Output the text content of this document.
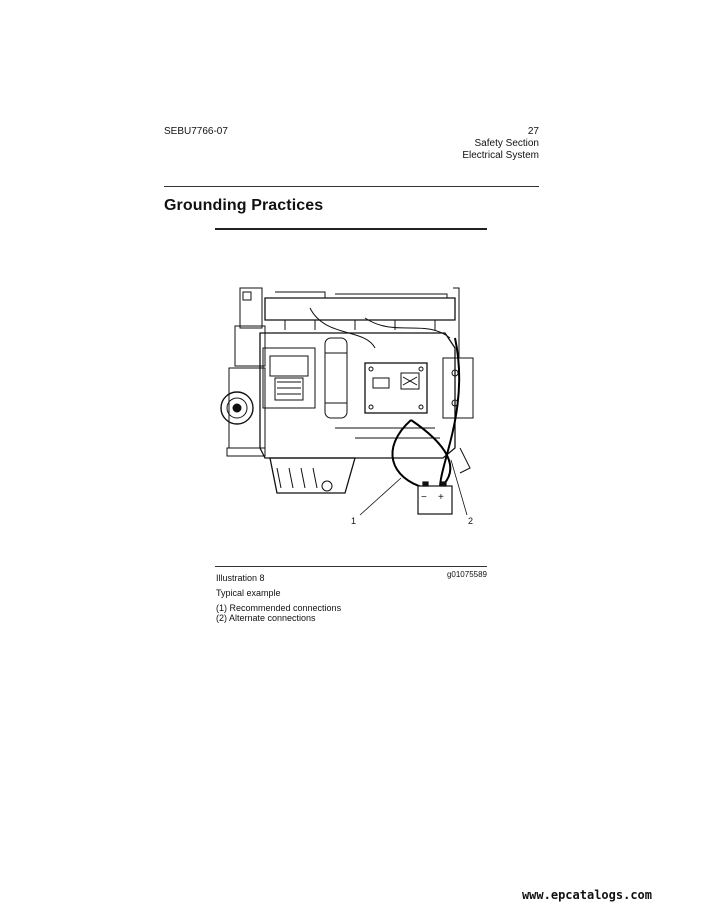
SEBU7766-07	27
Safety Section
Electrical System
Grounding Practices
− +
1	2
Illustration 8	g01075589
Typical example
(1) Recommended connections
(2) Alternate connections
www.epcatalogs.com
